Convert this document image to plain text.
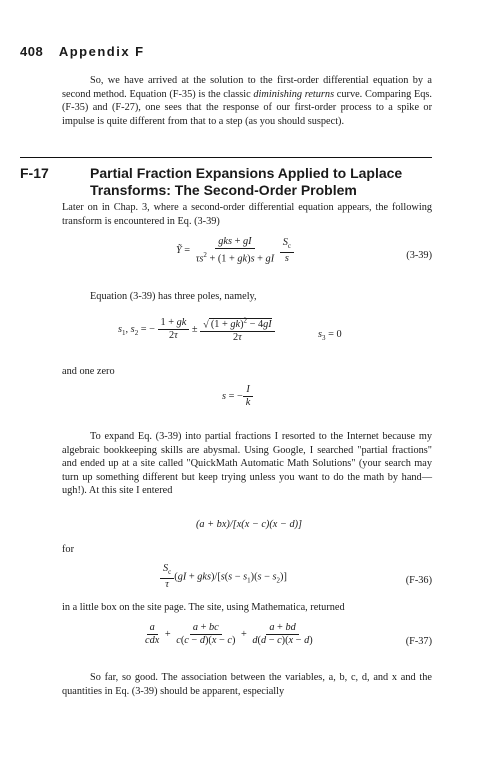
408 Appendix F

So, we have arrived at the solution to the first-order differential equation by a second method. Equation (F-35) is the classic diminishing returns curve. Comparing Eqs. (F-35) and (F-27), one sees that the response of our first-order process to a spike or impulse is quite different from that to a step (as you should suspect).

F-17	Partial Fraction Expansions Applied to Laplace Transforms: The Second-Order Problem

Later on in Chap. 3, where a second-order differential equation appears, the following transform is encountered in Eq. (3-39)

Ỹ = $\frac{\text{gks + gI}}{\tau s^2 + (1 + gk)s + gI}$
$\frac{S_c}{s}$	(3-39)

Equation (3-39) has three poles, namely,

$s_1$, $s_2$ = − $\frac{1 + gk}{2\tau} \pm \frac{√ (1 + gk)^2 - 4gI}{2\tau}$	$s_3 = 0$

and one zero

s = − $\frac{I}{k}$

To expand Eq. (3-39) into partial fractions I resorted to the Internet because my algebraic bookkeeping skills are abysmal. Using Google, I searched "partial fractions" and ended up at a site called "QuickMath Automatic Math Solutions" (your search may turn up something different but keep trying unless you want to do the math by hand—ugh!). At this site I entered

(a + bx)/[x(x − c)(x − d)]

for

$\frac{S_c}{\tau} (gI + gks)/[s(s - s_1)(s - s_2)]$	(F-36)

in a little box on the site page. The site, using Mathematica, returned

$\frac{a}{\text{cdx}} + \frac{a + bc}{c(c - d)(x - c)} + \frac{a + bd}{d(d - c)(x - d)}$	(F-37)

So far, so good. The association between the variables, a, b, c, d, and x and the quantities in Eq. (3-39) should be apparent, especially
